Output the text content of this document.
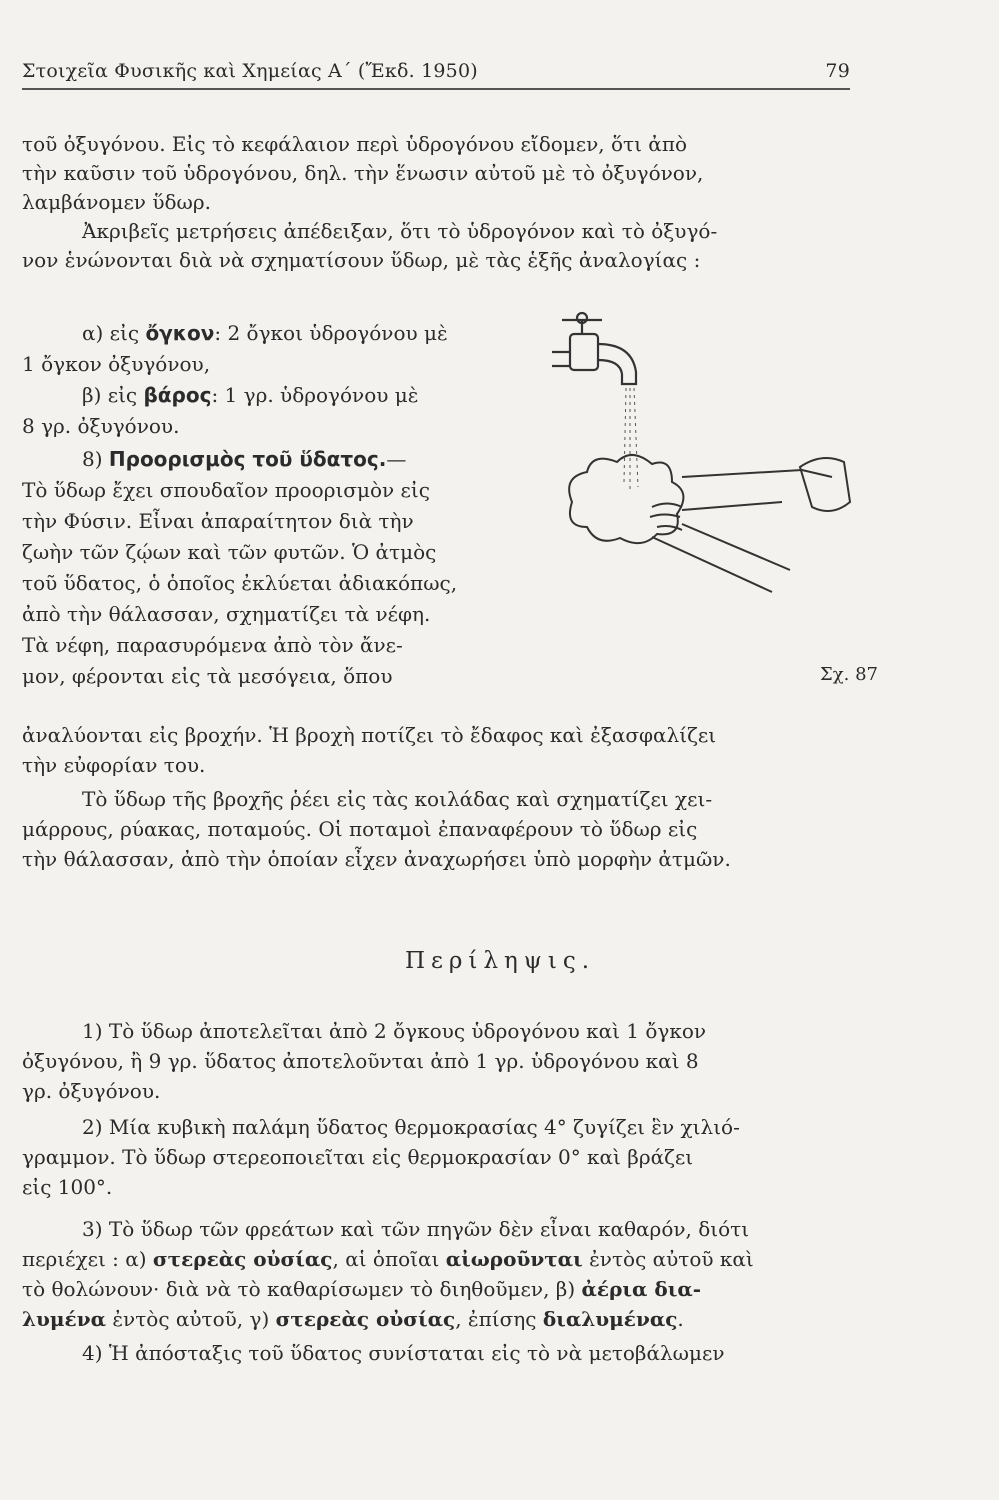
Στοιχεῖα Φυσικῆς καὶ Χημείας Α΄ (Ἔκδ. 1950)	79
τοῦ ὀξυγόνου. Εἰς τὸ κεφάλαιον περὶ ὑδρογόνου εἴδομεν, ὅτι ἀπὸ
τὴν καῦσιν τοῦ ὑδρογόνου, δηλ. τὴν ἕνωσιν αὐτοῦ μὲ τὸ ὀξυγόνον,
λαμβάνομεν ὕδωρ.
Ἀκριβεῖς μετρήσεις ἀπέδειξαν, ὅτι τὸ ὑδρογόνον καὶ τὸ ὀξυγό-
νον ἑνώνονται διὰ νὰ σχηματίσουν ὕδωρ, μὲ τὰς ἑξῆς ἀναλογίας :
α) εἰς ὄγκον: 2 ὄγκοι ὑδρογόνου μὲ
1 ὄγκον ὀξυγόνου,
β) εἰς βάρος: 1 γρ. ὑδρογόνου μὲ
8 γρ. ὀξυγόνου.
8) Προορισμὸς τοῦ ὕδατος.—
Τὸ ὕδωρ ἔχει σπουδαῖον προορισμὸν εἰς
τὴν Φύσιν. Εἶναι ἀπαραίτητον διὰ τὴν
ζωὴν τῶν ζῴων καὶ τῶν φυτῶν. Ὁ ἀτμὸς
τοῦ ὕδατος, ὁ ὁποῖος ἐκλύεται ἀδιακόπως,
ἀπὸ τὴν θάλασσαν, σχηματίζει τὰ νέφη.
Τὰ νέφη, παρασυρόμενα ἀπὸ τὸν ἄνε-
μον, φέρονται εἰς τὰ μεσόγεια, ὅπου	Σχ. 87
ἀναλύονται εἰς βροχήν. Ἡ βροχὴ ποτίζει τὸ ἔδαφος καὶ ἐξασφαλίζει
τὴν εὐφορίαν του.
Τὸ ὕδωρ τῆς βροχῆς ῥέει εἰς τὰς κοιλάδας καὶ σχηματίζει χει-
μάρρους, ρύακας, ποταμούς. Οἱ ποταμοὶ ἐπαναφέρουν τὸ ὕδωρ εἰς
τὴν θάλασσαν, ἀπὸ τὴν ὁποίαν εἶχεν ἀναχωρήσει ὑπὸ μορφὴν ἀτμῶν.
Περίληψις.
1) Τὸ ὕδωρ ἀποτελεῖται ἀπὸ 2 ὄγκους ὑδρογόνου καὶ 1 ὄγκον
ὀξυγόνου, ἢ 9 γρ. ὕδατος ἀποτελοῦνται ἀπὸ 1 γρ. ὑδρογόνου καὶ 8
γρ. ὀξυγόνου.
2) Μία κυβικὴ παλάμη ὕδατος θερμοκρασίας 4° ζυγίζει ἓν χιλιό-
γραμμον. Τὸ ὕδωρ στερεοποιεῖται εἰς θερμοκρασίαν 0° καὶ βράζει
εἰς 100°.
3) Τὸ ὕδωρ τῶν φρεάτων καὶ τῶν πηγῶν δὲν εἶναι καθαρόν, διότι
περιέχει : α) στερεὰς οὐσίας, αἱ ὁποῖαι αἰωροῦνται ἐντὸς αὐτοῦ καὶ
τὸ θολώνουν· διὰ νὰ τὸ καθαρίσωμεν τὸ διηθοῦμεν, β) ἀέρια δια-
λυμένα ἐντὸς αὐτοῦ, γ) στερεὰς οὐσίας, ἐπίσης διαλυμένας.
4) Ἡ ἀπόσταξις τοῦ ὕδατος συνίσταται εἰς τὸ νὰ μετοβάλωμεν
